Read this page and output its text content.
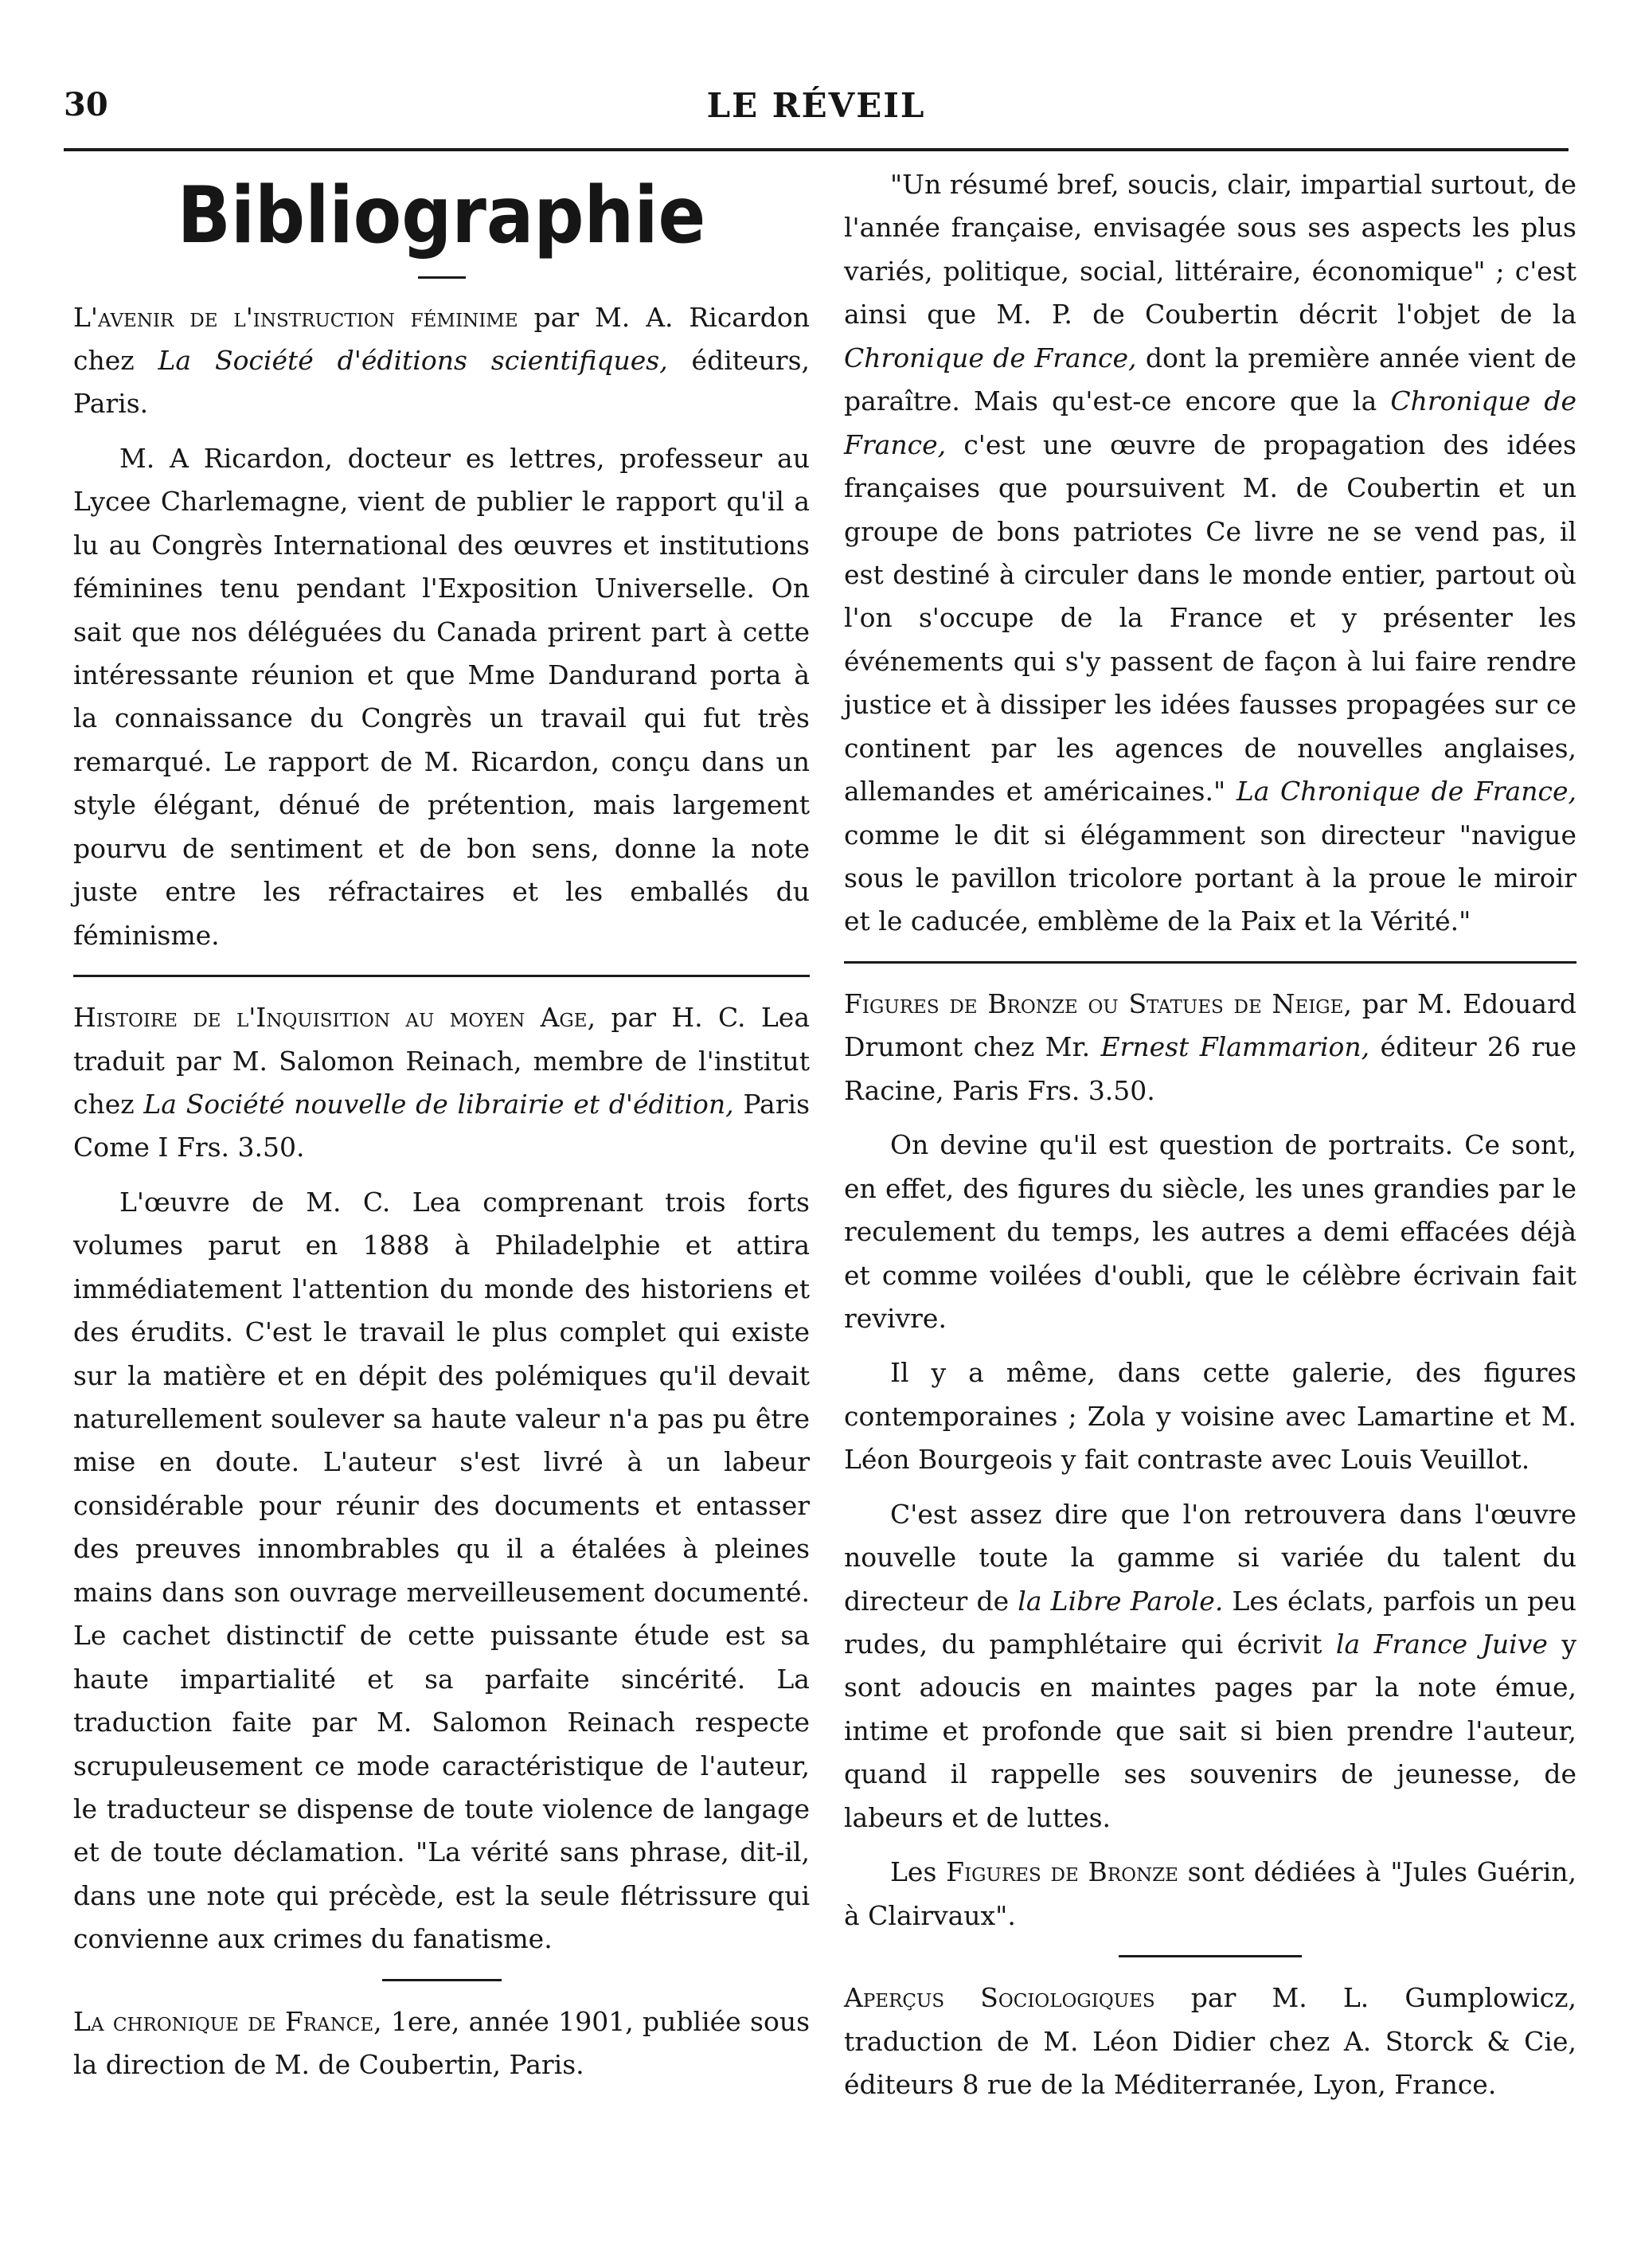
30	LE RÉVEIL
Bibliographie

L'avenir de l'instruction féminime par M. A. Ricardon chez La Société d'éditions scientifiques, éditeurs, Paris.

M. A Ricardon, docteur es lettres, professeur au Lycee Charlemagne, vient de publier le rapport qu'il a lu au Congrès International des œuvres et institutions féminines tenu pendant l'Exposition Universelle. On sait que nos déléguées du Canada prirent part à cette intéressante réunion et que Mme Dandurand porta à la connaissance du Congrès un travail qui fut très remarqué. Le rapport de M. Ricardon, conçu dans un style élégant, dénué de prétention, mais largement pourvu de sentiment et de bon sens, donne la note juste entre les réfractaires et les emballés du féminisme.

Histoire de l'Inquisition au moyen Age, par H. C. Lea traduit par M. Salomon Reinach, membre de l'institut chez La Société nouvelle de librairie et d'édition, Paris Come I Frs. 3.50.

L'œuvre de M. C. Lea comprenant trois forts volumes parut en 1888 à Philadelphie et attira immédiatement l'attention du monde des historiens et des érudits. C'est le travail le plus complet qui existe sur la matière et en dépit des polémiques qu'il devait naturellement soulever sa haute valeur n'a pas pu être mise en doute. L'auteur s'est livré à un labeur considérable pour réunir des documents et entasser des preuves innombrables qu il a étalées à pleines mains dans son ouvrage merveilleusement documenté. Le cachet distinctif de cette puissante étude est sa haute impartialité et sa parfaite sincérité. La traduction faite par M. Salomon Reinach respecte scrupuleusement ce mode caractéristique de l'auteur, le traducteur se dispense de toute violence de langage et de toute déclamation. "La vérité sans phrase, dit-il, dans une note qui précède, est la seule flétrissure qui convienne aux crimes du fanatisme.

La chronique de France, 1ere, année 1901, publiée sous la direction de M. de Coubertin, Paris.

"Un résumé bref, soucis, clair, impartial surtout, de l'année française, envisagée sous ses aspects les plus variés, politique, social, littéraire, économique" ; c'est ainsi que M. P. de Coubertin décrit l'objet de la Chronique de France, dont la première année vient de paraître. Mais qu'est-ce encore que la Chronique de France, c'est une œuvre de propagation des idées françaises que poursuivent M. de Coubertin et un groupe de bons patriotes Ce livre ne se vend pas, il est destiné à circuler dans le monde entier, partout où l'on s'occupe de la France et y présenter les événements qui s'y passent de façon à lui faire rendre justice et à dissiper les idées fausses propagées sur ce continent par les agences de nouvelles anglaises, allemandes et américaines." La Chronique de France, comme le dit si élégamment son directeur "navigue sous le pavillon tricolore portant à la proue le miroir et le caducée, emblème de la Paix et la Vérité."

Figures de Bronze ou Statues de Neige, par M. Edouard Drumont chez Mr. Ernest Flammarion, éditeur 26 rue Racine, Paris Frs. 3.50.

On devine qu'il est question de portraits. Ce sont, en effet, des figures du siècle, les unes grandies par le reculement du temps, les autres a demi effacées déjà et comme voilées d'oubli, que le célèbre écrivain fait revivre.

Il y a même, dans cette galerie, des figures contemporaines ; Zola y voisine avec Lamartine et M. Léon Bourgeois y fait contraste avec Louis Veuillot.

C'est assez dire que l'on retrouvera dans l'œuvre nouvelle toute la gamme si variée du talent du directeur de la Libre Parole. Les éclats, parfois un peu rudes, du pamphlétaire qui écrivit la France Juive y sont adoucis en maintes pages par la note émue, intime et profonde que sait si bien prendre l'auteur, quand il rappelle ses souvenirs de jeunesse, de labeurs et de luttes.

Les Figures de Bronze sont dédiées à "Jules Guérin, à Clairvaux".

Aperçus Sociologiques par M. L. Gumplowicz, traduction de M. Léon Didier chez A. Storck & Cie, éditeurs 8 rue de la Méditerranée, Lyon, France.
